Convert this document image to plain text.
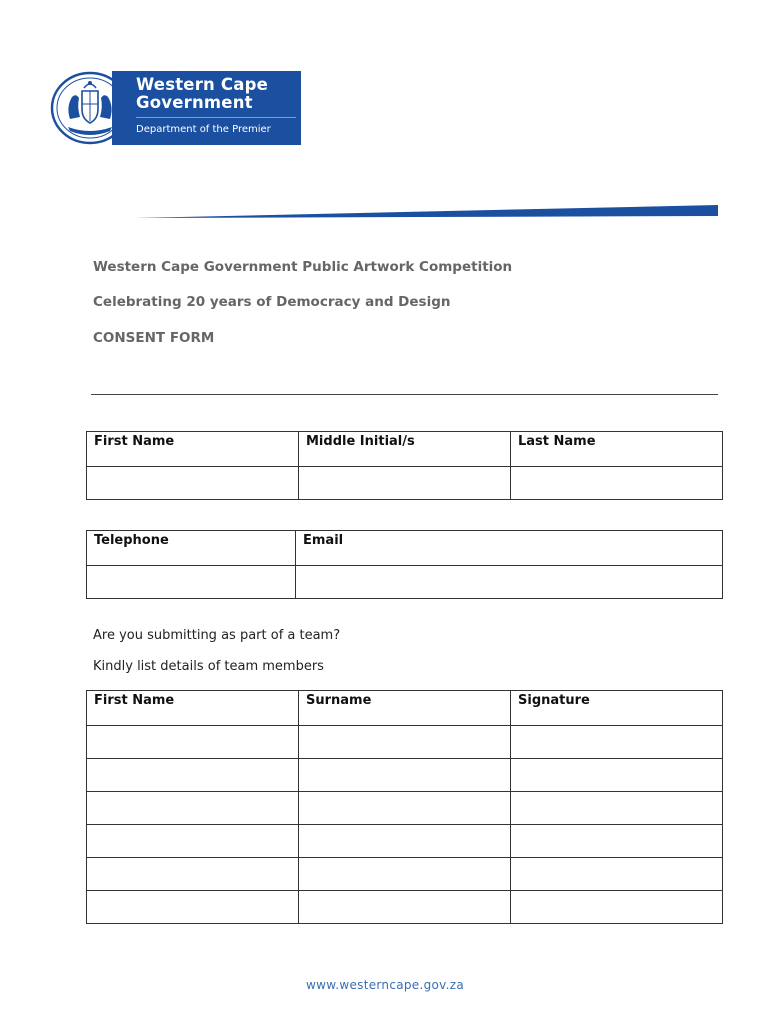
Western Cape
Government
Department of the Premier
Western Cape Government Public Artwork Competition
Celebrating 20 years of Democracy and Design
CONSENT FORM
First Name	Middle Initial/s	Last Name

Telephone	Email

Are you submitting as part of a team?
Kindly list details of team members
First Name	Surname	Signature

www.westerncape.gov.za
